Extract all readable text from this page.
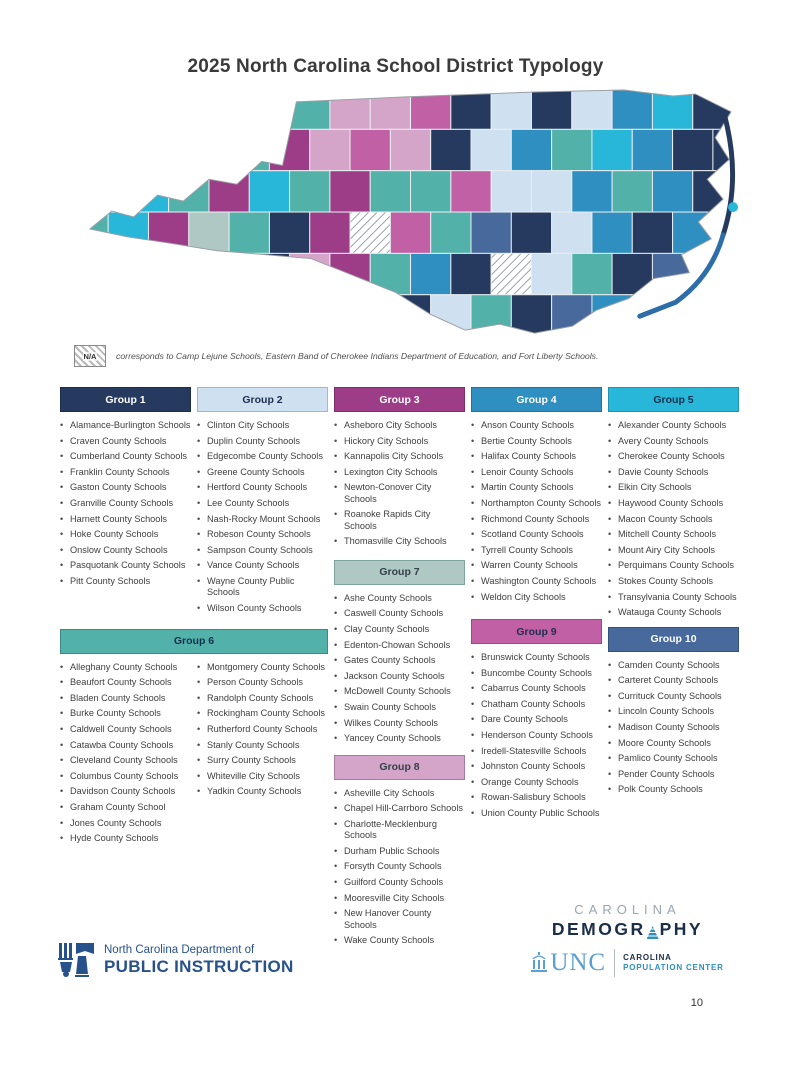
2025 North Carolina School District Typology
N/A corresponds to Camp Lejune Schools, Eastern Band of Cherokee Indians Department of Education, and Fort Liberty Schools.
Group 1
• Alamance-Burlington Schools
• Craven County Schools
• Cumberland County Schools
• Franklin County Schools
• Gaston County Schools
• Granville County Schools
• Harnett County Schools
• Hoke County Schools
• Onslow County Schools
• Pasquotank County Schools
• Pitt County Schools
Group 2
• Clinton City Schools
• Duplin County Schools
• Edgecombe County Schools
• Greene County Schools
• Hertford County Schools
• Lee County Schools
• Nash-Rocky Mount Schools
• Robeson County Schools
• Sampson County Schools
• Vance County Schools
• Wayne County Public Schools
• Wilson County Schools
Group 6
• Alleghany County Schools
• Beaufort County Schools
• Bladen County Schools
• Burke County Schools
• Caldwell County Schools
• Catawba County Schools
• Cleveland County Schools
• Columbus County Schools
• Davidson County Schools
• Graham County School
• Jones County Schools
• Hyde County Schools
• Montgomery County Schools
• Person County Schools
• Randolph County Schools
• Rockingham County Schools
• Rutherford County Schools
• Stanly County Schools
• Surry County Schools
• Whiteville City Schools
• Yadkin County Schools
Group 3
• Asheboro City Schools
• Hickory City Schools
• Kannapolis City Schools
• Lexington City Schools
• Newton-Conover City Schools
• Roanoke Rapids City Schools
• Thomasville City Schools
Group 7
• Ashe County Schools
• Caswell County Schools
• Clay County Schools
• Edenton-Chowan Schools
• Gates County Schools
• Jackson County Schools
• McDowell County Schools
• Swain County Schools
• Wilkes County Schools
• Yancey County Schools
Group 8
• Asheville City Schools
• Chapel Hill-Carrboro Schools
• Charlotte-Mecklenburg Schools
• Durham Public Schools
• Forsyth County Schools
• Guilford County Schools
• Mooresville City Schools
• New Hanover County Schools
• Wake County Schools
Group 4
• Anson County Schools
• Bertie County Schools
• Halifax County Schools
• Lenoir County Schools
• Martin County Schools
• Northampton County Schools
• Richmond County Schools
• Scotland County Schools
• Tyrrell County Schools
• Warren County Schools
• Washington County Schools
• Weldon City Schools
Group 9
• Brunswick County Schools
• Buncombe County Schools
• Cabarrus County Schools
• Chatham County Schools
• Dare County Schools
• Henderson County Schools
• Iredell-Statesville Schools
• Johnston County Schools
• Orange County Schools
• Rowan-Salisbury Schools
• Union County Public Schools
Group 5
• Alexander County Schools
• Avery County Schools
• Cherokee County Schools
• Davie County Schools
• Elkin City Schools
• Haywood County Schools
• Macon County Schools
• Mitchell County Schools
• Mount Airy City Schools
• Perquimans County Schools
• Stokes County Schools
• Transylvania County Schools
• Watauga County Schools
Group 10
• Camden County Schools
• Carteret County Schools
• Currituck County Schools
• Lincoln County Schools
• Madison County Schools
• Moore County Schools
• Pamlico County Schools
• Pender County Schools
• Polk County Schools
North Carolina Department of
PUBLIC INSTRUCTION
CAROLINA
DEMOGR PHY
UNC CAROLINA
POPULATION CENTER
10
